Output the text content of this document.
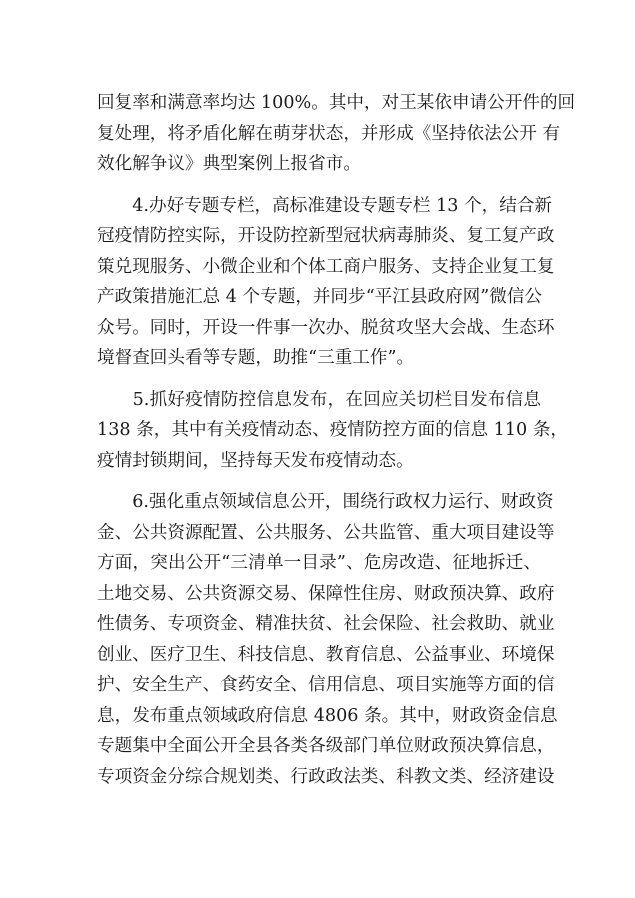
回复率和满意率均达 100%。其中，对王某依申请公开件的回
复处理，将矛盾化解在萌芽状态，并形成《坚持依法公开 有
效化解争议》典型案例上报省市。
　　4.办好专题专栏，高标准建设专题专栏 13 个，结合新
冠疫情防控实际，开设防控新型冠状病毒肺炎、复工复产政
策兑现服务、小微企业和个体工商户服务、支持企业复工复
产政策措施汇总 4 个专题，并同步“平江县政府网”微信公
众号。同时，开设一件事一次办、脱贫攻坚大会战、生态环
境督查回头看等专题，助推“三重工作”。
　　5.抓好疫情防控信息发布，在回应关切栏目发布信息
138 条，其中有关疫情动态、疫情防控方面的信息 110 条，
疫情封锁期间，坚持每天发布疫情动态。
　　6.强化重点领域信息公开，围绕行政权力运行、财政资
金、公共资源配置、公共服务、公共监管、重大项目建设等
方面，突出公开“三清单一目录”、危房改造、征地拆迁、
土地交易、公共资源交易、保障性住房、财政预决算、政府
性债务、专项资金、精准扶贫、社会保险、社会救助、就业
创业、医疗卫生、科技信息、教育信息、公益事业、环境保
护、安全生产、食药安全、信用信息、项目实施等方面的信
息，发布重点领域政府信息 4806 条。其中，财政资金信息
专题集中全面公开全县各类各级部门单位财政预决算信息，
专项资金分综合规划类、行政政法类、科教文类、经济建设
